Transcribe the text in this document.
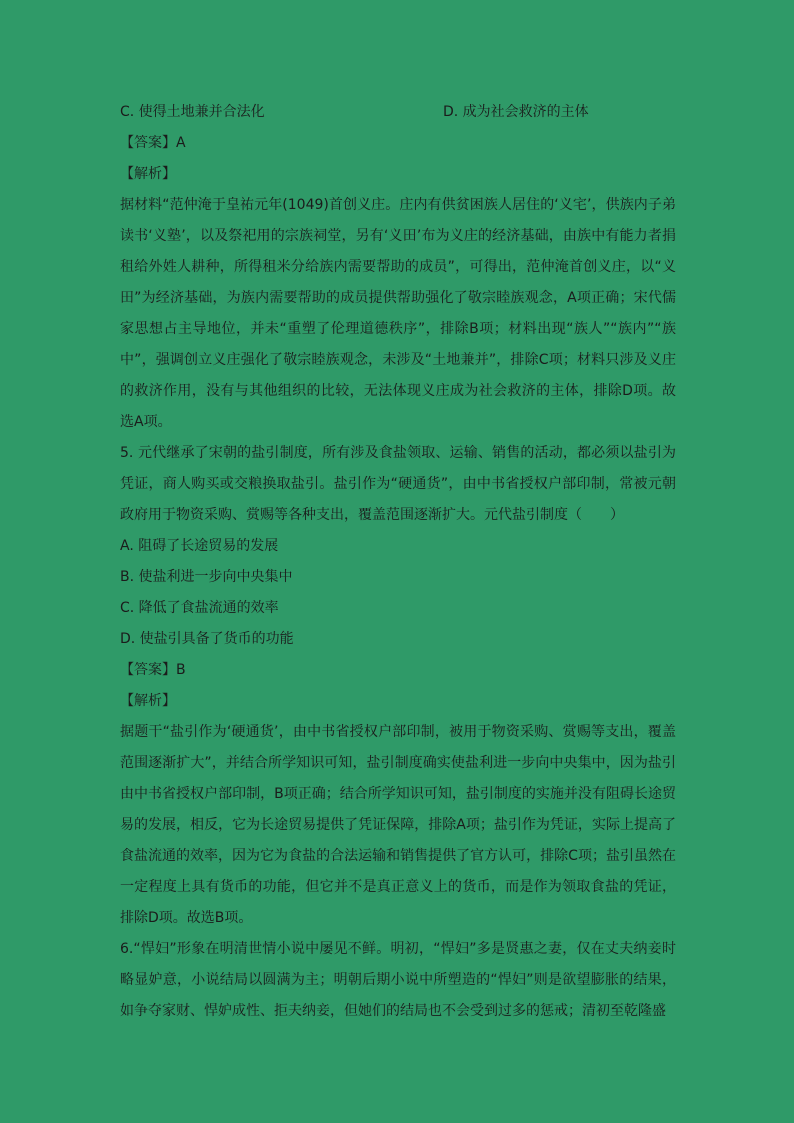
C. 使得土地兼并合法化	D. 成为社会救济的主体
【答案】A
【解析】
据材料“范仲淹于皇祐元年(1049)首创义庄。庄内有供贫困族人居住的‘义宅’，供族内子弟读书‘义塾’，以及祭祀用的宗族祠堂，另有‘义田’布为义庄的经济基础，由族中有能力者捐租给外姓人耕种，所得租米分给族内需要帮助的成员”，可得出，范仲淹首创义庄，以“义田”为经济基础，为族内需要帮助的成员提供帮助强化了敬宗睦族观念，A项正确；宋代儒家思想占主导地位，并未“重塑了伦理道德秩序”，排除B项；材料出现“族人”“族内”“族中”，强调创立义庄强化了敬宗睦族观念，未涉及“土地兼并”，排除C项；材料只涉及义庄的救济作用，没有与其他组织的比较，无法体现义庄成为社会救济的主体，排除D项。故选A项。
5. 元代继承了宋朝的盐引制度，所有涉及食盐领取、运输、销售的活动，都必须以盐引为凭证，商人购买或交粮换取盐引。盐引作为“硬通货”，由中书省授权户部印制，常被元朝政府用于物资采购、赏赐等各种支出，覆盖范围逐渐扩大。元代盐引制度（　　）
A. 阻碍了长途贸易的发展
B. 使盐利进一步向中央集中
C. 降低了食盐流通的效率
D. 使盐引具备了货币的功能
【答案】B
【解析】
据题干“盐引作为‘硬通货’，由中书省授权户部印制，被用于物资采购、赏赐等支出，覆盖范围逐渐扩大”，并结合所学知识可知，盐引制度确实使盐利进一步向中央集中，因为盐引由中书省授权户部印制，B项正确；结合所学知识可知，盐引制度的实施并没有阻碍长途贸易的发展，相反，它为长途贸易提供了凭证保障，排除A项；盐引作为凭证，实际上提高了食盐流通的效率，因为它为食盐的合法运输和销售提供了官方认可，排除C项；盐引虽然在一定程度上具有货币的功能，但它并不是真正意义上的货币，而是作为领取食盐的凭证，排除D项。故选B项。
6.“悍妇”形象在明清世情小说中屡见不鲜。明初，“悍妇”多是贤惠之妻，仅在丈夫纳妾时略显妒意，小说结局以圆满为主；明朝后期小说中所塑造的“悍妇”则是欲望膨胀的结果，如争夺家财、悍妒成性、拒夫纳妾，但她们的结局也不会受到过多的惩戒；清初至乾隆盛
